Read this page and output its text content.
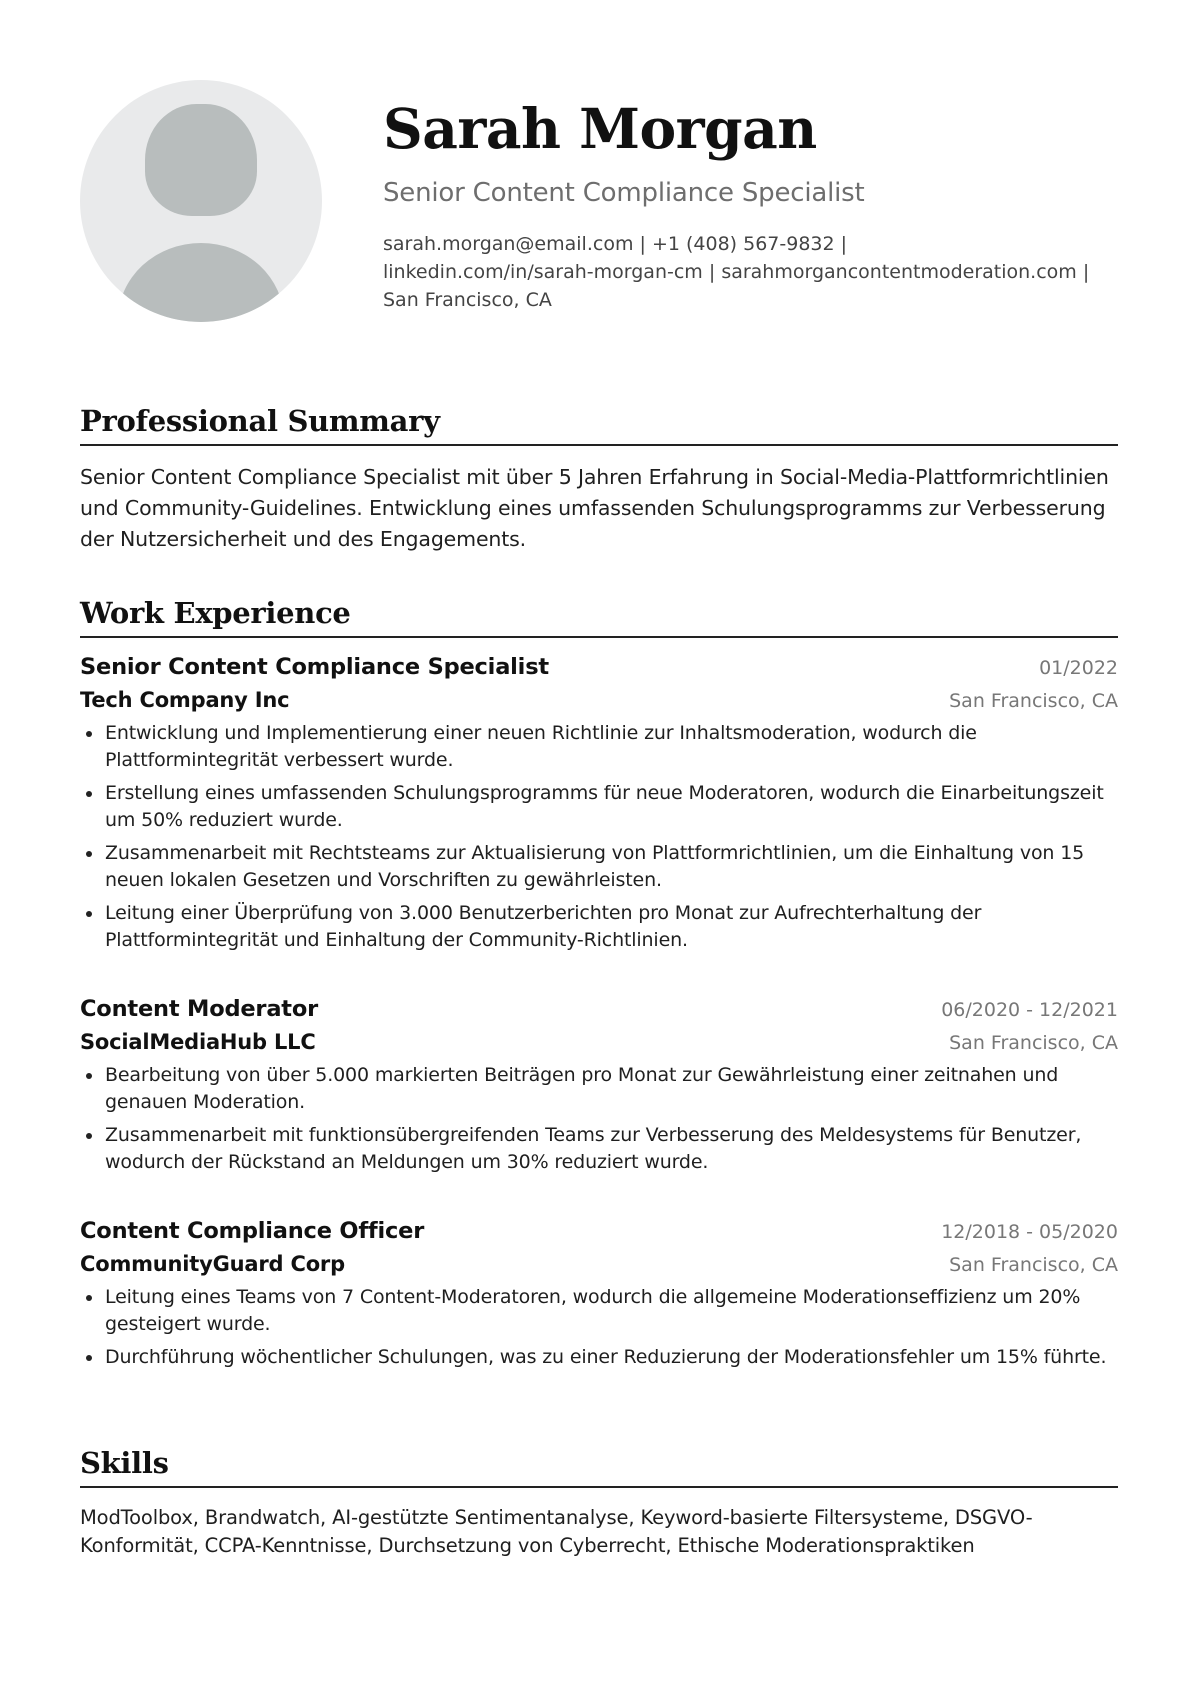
Sarah Morgan
Senior Content Compliance Specialist
sarah.morgan@email.com | +1 (408) 567-9832 |
linkedin.com/in/sarah-morgan-cm | sarahmorgancontentmoderation.com |
San Francisco, CA
Professional Summary
Senior Content Compliance Specialist mit über 5 Jahren Erfahrung in Social-Media-Plattformrichtlinien und Community-Guidelines. Entwicklung eines umfassenden Schulungsprogramms zur Verbesserung der Nutzersicherheit und des Engagements.
Work Experience
Senior Content Compliance Specialist	01/2022
Tech Company Inc	San Francisco, CA
Entwicklung und Implementierung einer neuen Richtlinie zur Inhaltsmoderation, wodurch die Plattformintegrität verbessert wurde.
Erstellung eines umfassenden Schulungsprogramms für neue Moderatoren, wodurch die Einarbeitungszeit um 50% reduziert wurde.
Zusammenarbeit mit Rechtsteams zur Aktualisierung von Plattformrichtlinien, um die Einhaltung von 15 neuen lokalen Gesetzen und Vorschriften zu gewährleisten.
Leitung einer Überprüfung von 3.000 Benutzerberichten pro Monat zur Aufrechterhaltung der Plattformintegrität und Einhaltung der Community-Richtlinien.
Content Moderator	06/2020 - 12/2021
SocialMediaHub LLC	San Francisco, CA
Bearbeitung von über 5.000 markierten Beiträgen pro Monat zur Gewährleistung einer zeitnahen und genauen Moderation.
Zusammenarbeit mit funktionsübergreifenden Teams zur Verbesserung des Meldesystems für Benutzer, wodurch der Rückstand an Meldungen um 30% reduziert wurde.
Content Compliance Officer	12/2018 - 05/2020
CommunityGuard Corp	San Francisco, CA
Leitung eines Teams von 7 Content-Moderatoren, wodurch die allgemeine Moderationseffizienz um 20% gesteigert wurde.
Durchführung wöchentlicher Schulungen, was zu einer Reduzierung der Moderationsfehler um 15% führte.
Skills
ModToolbox, Brandwatch, AI-gestützte Sentimentanalyse, Keyword-basierte Filtersysteme, DSGVO-Konformität, CCPA-Kenntnisse, Durchsetzung von Cyberrecht, Ethische Moderationspraktiken
